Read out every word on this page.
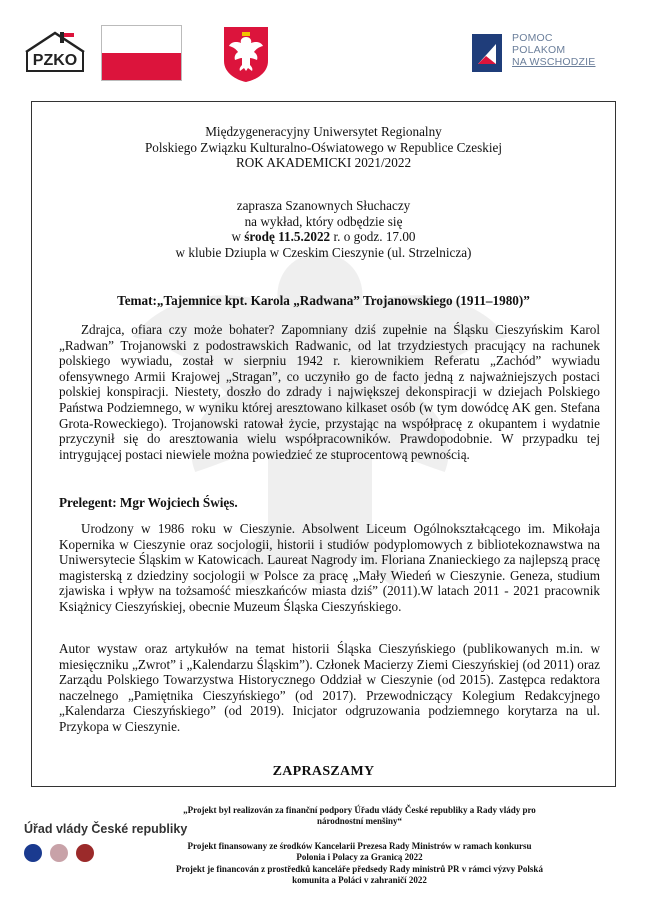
PZKO
POMOC
POLAKOM
NA WSCHODZIE
Międzygeneracyjny Uniwersytet Regionalny
Polskiego Związku Kulturalno-Oświatowego w Republice Czeskiej
ROK AKADEMICKI 2021/2022
zaprasza Szanownych Słuchaczy
na wykład, który odbędzie się
w środę 11.5.2022 r. o godz. 17.00
w klubie Dziupla w Czeskim Cieszynie (ul. Strzelnicza)
Temat:„Tajemnice kpt. Karola „Radwana” Trojanowskiego (1911–1980)”
Zdrajca, ofiara czy może bohater? Zapomniany dziś zupełnie na Śląsku Cieszyńskim Karol „Radwan” Trojanowski z podostrawskich Radwanic, od lat trzydziestych pracujący na rachunek polskiego wywiadu, został w sierpniu 1942 r. kierownikiem Referatu „Zachód” wywiadu ofensywnego Armii Krajowej „Stragan”, co uczyniło go de facto jedną z najważniejszych postaci polskiej konspiracji. Niestety, doszło do zdrady i największej dekonspiracji w dziejach Polskiego Państwa Podziemnego, w wyniku której aresztowano kilkaset osób (w tym dowódcę AK gen. Stefana Grota-Roweckiego). Trojanowski ratował życie, przystając na współpracę z okupantem i wydatnie przyczynił się do aresztowania wielu współpracowników. Prawdopodobnie. W przypadku tej intrygującej postaci niewiele można powiedzieć ze stuprocentową pewnością.
Prelegent: Mgr Wojciech Święs.
Urodzony w 1986 roku w Cieszynie. Absolwent Liceum Ogólnokształcącego im. Mikołaja Kopernika w Cieszynie oraz socjologii, historii i studiów podyplomowych z bibliotekoznawstwa na Uniwersytecie Śląskim w Katowicach. Laureat Nagrody im. Floriana Znanieckiego za najlepszą pracę magisterską z dziedziny socjologii w Polsce za pracę „Mały Wiedeń w Cieszynie. Geneza, studium zjawiska i wpływ na tożsamość mieszkańców miasta dziś” (2011).W latach 2011 - 2021 pracownik Książnicy Cieszyńskiej, obecnie Muzeum Śląska Cieszyńskiego.
Autor wystaw oraz artykułów na temat historii Śląska Cieszyńskiego (publikowanych m.in. w miesięczniku „Zwrot” i „Kalendarzu Śląskim”). Członek Macierzy Ziemi Cieszyńskiej (od 2011) oraz Zarządu Polskiego Towarzystwa Historycznego Oddział w Cieszynie (od 2015). Zastępca redaktora naczelnego „Pamiętnika Cieszyńskiego” (od 2017). Przewodniczący Kolegium Redakcyjnego „Kalendarza Cieszyńskiego” (od 2019). Inicjator odgruzowania podziemnego korytarza na ul. Przykopa w Cieszynie.
ZAPRASZAMY
Úřad vlády České republiky

„Projekt byl realizován za finanční podpory Úřadu vlády České republiky a Rady vlády pro národnostní menšiny“
Projekt finansowany ze środków Kancelarii Prezesa Rady Ministrów w ramach konkursu Polonia i Polacy za Granicą 2022
Projekt je financován z prostředků kanceláře předsedy Rady ministrů PR v rámci výzvy Polská komunita a Poláci v zahraničí 2022
